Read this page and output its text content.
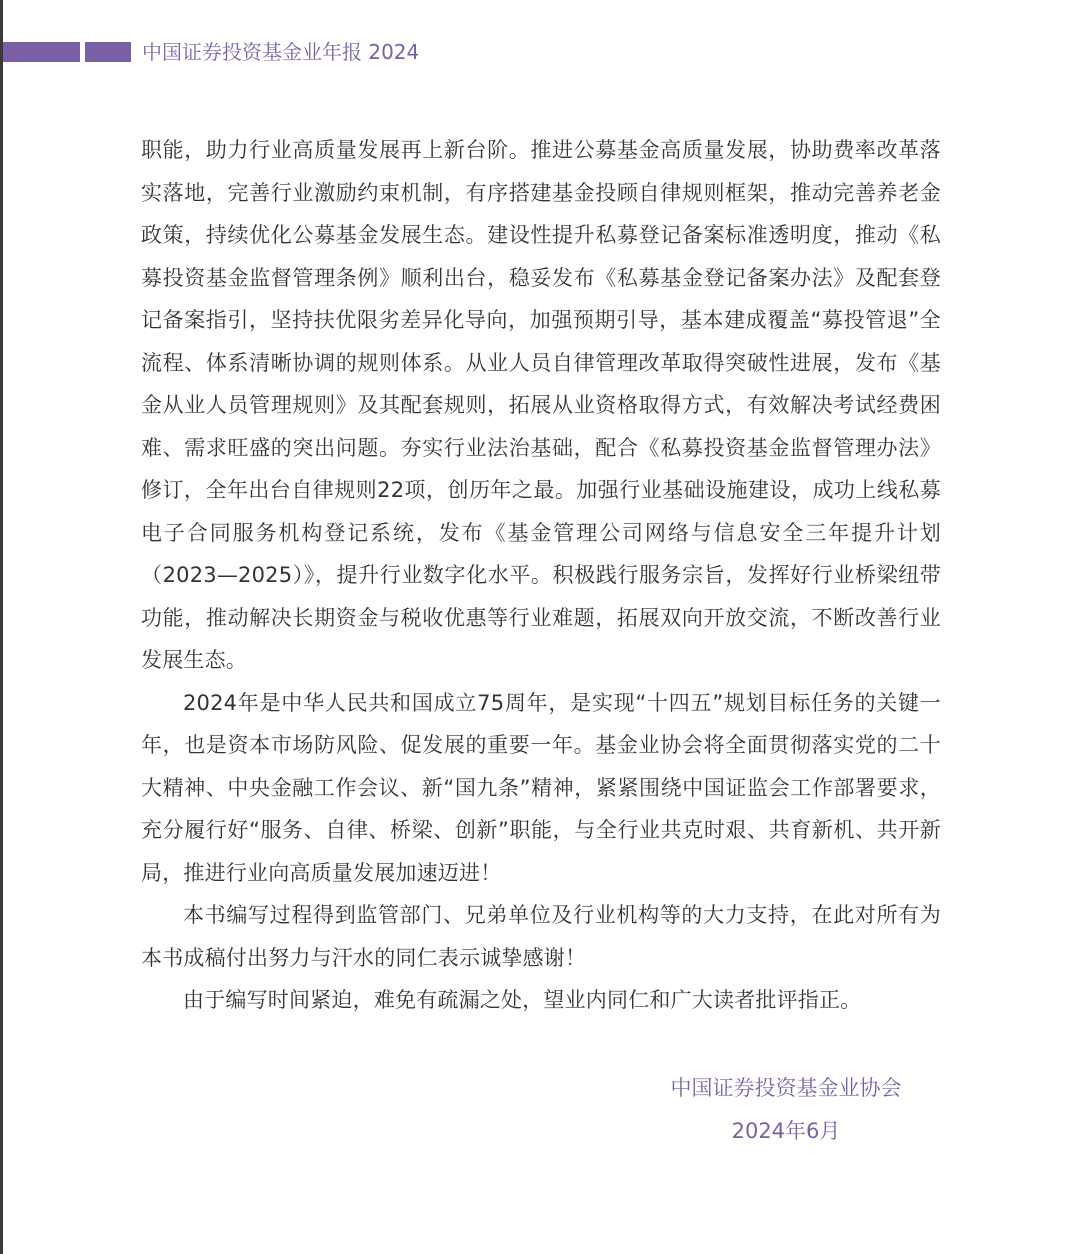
中国证券投资基金业年报 2024

职能，助力行业高质量发展再上新台阶。推进公募基金高质量发展，协助费率改革落实落地，完善行业激励约束机制，有序搭建基金投顾自律规则框架，推动完善养老金政策，持续优化公募基金发展生态。建设性提升私募登记备案标准透明度，推动《私募投资基金监督管理条例》顺利出台，稳妥发布《私募基金登记备案办法》及配套登记备案指引，坚持扶优限劣差异化导向，加强预期引导，基本建成覆盖“募投管退”全流程、体系清晰协调的规则体系。从业人员自律管理改革取得突破性进展，发布《基金从业人员管理规则》及其配套规则，拓展从业资格取得方式，有效解决考试经费困难、需求旺盛的突出问题。夯实行业法治基础，配合《私募投资基金监督管理办法》修订，全年出台自律规则22项，创历年之最。加强行业基础设施建设，成功上线私募电子合同服务机构登记系统，发布《基金管理公司网络与信息安全三年提升计划（2023—2025）》，提升行业数字化水平。积极践行服务宗旨，发挥好行业桥梁纽带功能，推动解决长期资金与税收优惠等行业难题，拓展双向开放交流，不断改善行业发展生态。

2024年是中华人民共和国成立75周年，是实现“十四五”规划目标任务的关键一年，也是资本市场防风险、促发展的重要一年。基金业协会将全面贯彻落实党的二十大精神、中央金融工作会议、新“国九条”精神，紧紧围绕中国证监会工作部署要求，充分履行好“服务、自律、桥梁、创新”职能，与全行业共克时艰、共育新机、共开新局，推进行业向高质量发展加速迈进！

本书编写过程得到监管部门、兄弟单位及行业机构等的大力支持，在此对所有为本书成稿付出努力与汗水的同仁表示诚挚感谢！

由于编写时间紧迫，难免有疏漏之处，望业内同仁和广大读者批评指正。

中国证券投资基金业协会
2024年6月
